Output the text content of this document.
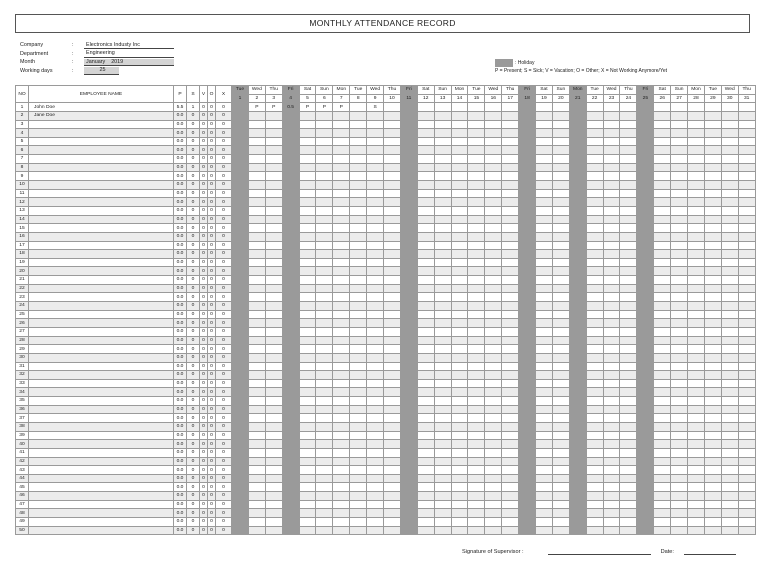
MONTHLY ATTENDANCE RECORD
Company	:	Electronics Industy Inc
Department	:	Engineering
Month	:	January 2019
Working days	:	25
: Holiday
P = Present; S = Sick; V = Vacation; O = Other; X = Not Working Anymore/Yet
NO	EMPLOYEE NAME	P	S	V	O	X	Tue	Wed	Thu	Fri	Sat	Sun	Mon	Tue	Wed	Thu	Fri	Sat	Sun	Mon	Tue	Wed	Thu	Fri	Sat	Sun	Mon	Tue	Wed	Thu	Fri	Sat	Sun	Mon	Tue	Wed	Thu
							1	2	3	4	5	6	7	8	9	10	11	12	13	14	15	16	17	18	19	20	21	22	23	24	25	26	27	28	29	30	31
1	John Doe	5.5	1	0	0	0		P	P	0.5	P	P	P		S																						
2	Jane Doe	0.0	0	0	0	0																															
3		0.0	0	0	0	0																															
4		0.0	0	0	0	0																															
5		0.0	0	0	0	0																															
6		0.0	0	0	0	0																															
7		0.0	0	0	0	0																															
8		0.0	0	0	0	0																															
9		0.0	0	0	0	0																															
10		0.0	0	0	0	0																															
11		0.0	0	0	0	0																															
12		0.0	0	0	0	0																															
13		0.0	0	0	0	0																															
14		0.0	0	0	0	0																															
15		0.0	0	0	0	0																															
16		0.0	0	0	0	0																															
17		0.0	0	0	0	0																															
18		0.0	0	0	0	0																															
19		0.0	0	0	0	0																															
20		0.0	0	0	0	0																															
21		0.0	0	0	0	0																															
22		0.0	0	0	0	0																															
23		0.0	0	0	0	0																															
24		0.0	0	0	0	0																															
25		0.0	0	0	0	0																															
26		0.0	0	0	0	0																															
27		0.0	0	0	0	0																															
28		0.0	0	0	0	0																															
29		0.0	0	0	0	0																															
30		0.0	0	0	0	0																															
31		0.0	0	0	0	0																															
32		0.0	0	0	0	0																															
33		0.0	0	0	0	0																															
34		0.0	0	0	0	0																															
35		0.0	0	0	0	0																															
36		0.0	0	0	0	0																															
37		0.0	0	0	0	0																															
38		0.0	0	0	0	0																															
39		0.0	0	0	0	0																															
40		0.0	0	0	0	0																															
41		0.0	0	0	0	0																															
42		0.0	0	0	0	0																															
43		0.0	0	0	0	0																															
44		0.0	0	0	0	0																															
45		0.0	0	0	0	0																															
46		0.0	0	0	0	0																															
47		0.0	0	0	0	0																															
48		0.0	0	0	0	0																															
49		0.0	0	0	0	0																															
50		0.0	0	0	0	0																															
Signature of Supervisor :	Date:
